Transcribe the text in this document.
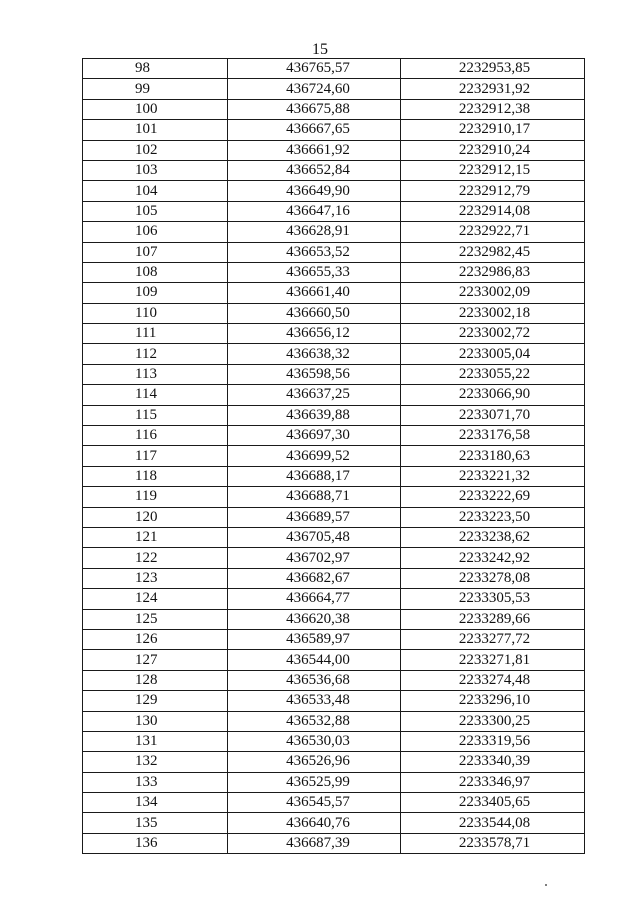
15
98	436765,57	2232953,85
99	436724,60	2232931,92
100	436675,88	2232912,38
101	436667,65	2232910,17
102	436661,92	2232910,24
103	436652,84	2232912,15
104	436649,90	2232912,79
105	436647,16	2232914,08
106	436628,91	2232922,71
107	436653,52	2232982,45
108	436655,33	2232986,83
109	436661,40	2233002,09
110	436660,50	2233002,18
111	436656,12	2233002,72
112	436638,32	2233005,04
113	436598,56	2233055,22
114	436637,25	2233066,90
115	436639,88	2233071,70
116	436697,30	2233176,58
117	436699,52	2233180,63
118	436688,17	2233221,32
119	436688,71	2233222,69
120	436689,57	2233223,50
121	436705,48	2233238,62
122	436702,97	2233242,92
123	436682,67	2233278,08
124	436664,77	2233305,53
125	436620,38	2233289,66
126	436589,97	2233277,72
127	436544,00	2233271,81
128	436536,68	2233274,48
129	436533,48	2233296,10
130	436532,88	2233300,25
131	436530,03	2233319,56
132	436526,96	2233340,39
133	436525,99	2233346,97
134	436545,57	2233405,65
135	436640,76	2233544,08
136	436687,39	2233578,71
